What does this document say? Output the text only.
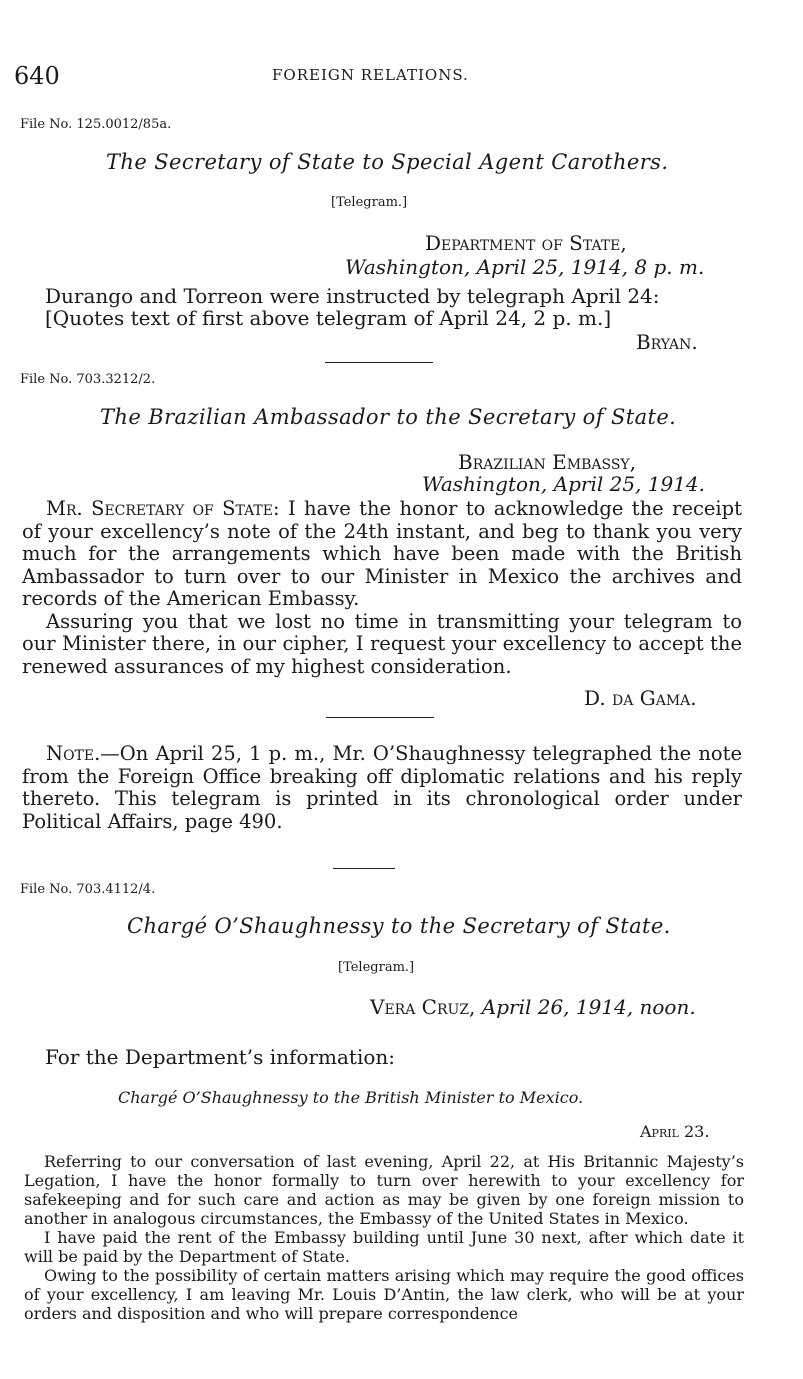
640	FOREIGN RELATIONS.
File No. 125.0012/85a.
The Secretary of State to Special Agent Carothers.
[Telegram.]
Department of State,
Washington, April 25, 1914, 8 p. m.
Durango and Torreon were instructed by telegraph April 24:
[Quotes text of first above telegram of April 24, 2 p. m.]
Bryan.
File No. 703.3212/2.
The Brazilian Ambassador to the Secretary of State.
Brazilian Embassy,
Washington, April 25, 1914.

Mr. Secretary of State: I have the honor to acknowledge the receipt of your excellency’s note of the 24th instant, and beg to thank you very much for the arrangements which have been made with the British Ambassador to turn over to our Minister in Mexico the archives and records of the American Embassy.

Assuring you that we lost no time in transmitting your telegram to our Minister there, in our cipher, I request your excellency to accept the renewed assurances of my highest consideration.

D. da Gama.

Note.—On April 25, 1 p. m., Mr. O’Shaughnessy telegraphed the note from the Foreign Office breaking off diplomatic relations and his reply thereto. This telegram is printed in its chronological order under Political Affairs, page 490.

File No. 703.4112/4.
Chargé O’Shaughnessy to the Secretary of State.
[Telegram.]
Vera Cruz, April 26, 1914, noon.
For the Department’s information:
Chargé O’Shaughnessy to the British Minister to Mexico.
April 23.

Referring to our conversation of last evening, April 22, at His Britannic Majesty’s Legation, I have the honor formally to turn over herewith to your excellency for safekeeping and for such care and action as may be given by one foreign mission to another in analogous circumstances, the Embassy of the United States in Mexico.

I have paid the rent of the Embassy building until June 30 next, after which date it will be paid by the Department of State.

Owing to the possibility of certain matters arising which may require the good offices of your excellency, I am leaving Mr. Louis D’Antin, the law clerk, who will be at your orders and disposition and who will prepare correspondence
